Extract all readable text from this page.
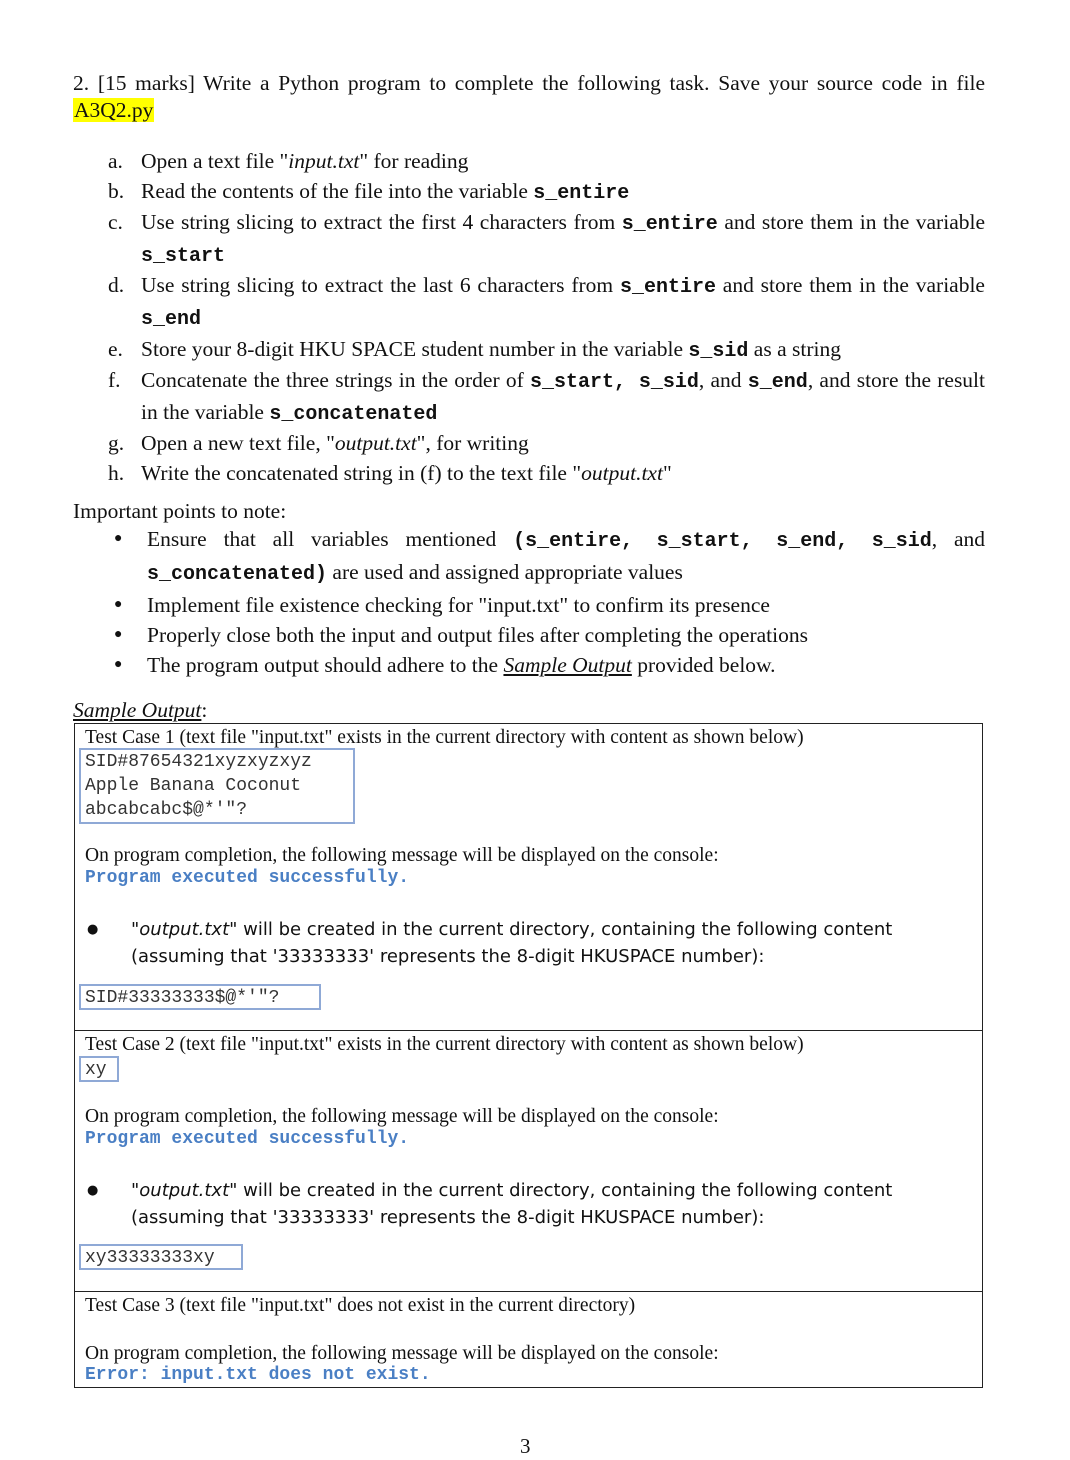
2. [15 marks] Write a Python program to complete the following task. Save your source code in file A3Q2.py
a. Open a text file "input.txt" for reading
b. Read the contents of the file into the variable s_entire
c. Use string slicing to extract the first 4 characters from s_entire and store them in the variable s_start
d. Use string slicing to extract the last 6 characters from s_entire and store them in the variable s_end
e. Store your 8-digit HKU SPACE student number in the variable s_sid as a string
f. Concatenate the three strings in the order of s_start, s_sid, and s_end, and store the result in the variable s_concatenated
g. Open a new text file, "output.txt", for writing
h. Write the concatenated string in (f) to the text file "output.txt"
Important points to note:
●	Ensure that all variables mentioned (s_entire, s_start, s_end, s_sid, and s_concatenated) are used and assigned appropriate values
●	Implement file existence checking for "input.txt" to confirm its presence
●	Properly close both the input and output files after completing the operations
●	The program output should adhere to the Sample Output provided below.
Sample Output:
Test Case 1 (text file "input.txt" exists in the current directory with content as shown below)
SID#87654321xyzxyzxyz
Apple Banana Coconut
abcabcabc$@*'"?
On program completion, the following message will be displayed on the console:
Program executed successfully.
●	"output.txt" will be created in the current directory, containing the following content (assuming that '33333333' represents the 8-digit HKUSPACE number):
SID#33333333$@*'"?
Test Case 2 (text file "input.txt" exists in the current directory with content as shown below)
xy
On program completion, the following message will be displayed on the console:
Program executed successfully.
●	"output.txt" will be created in the current directory, containing the following content (assuming that '33333333' represents the 8-digit HKUSPACE number):
xy33333333xy
Test Case 3 (text file "input.txt" does not exist in the current directory)
On program completion, the following message will be displayed on the console:
Error: input.txt does not exist.
3
